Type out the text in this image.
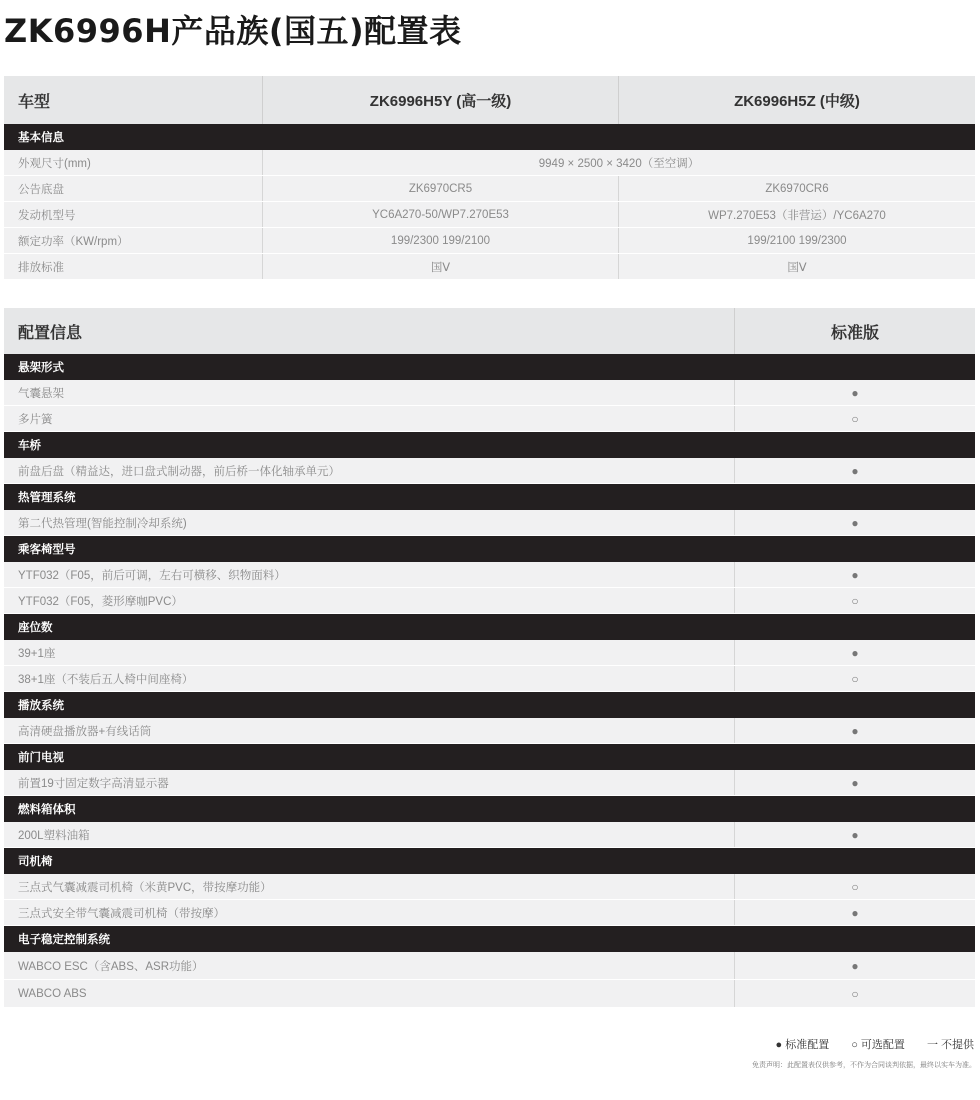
ZK6996H产品族(国五)配置表
车型	ZK6996H5Y (高一级)	ZK6996H5Z (中级)
基本信息
外观尺寸(mm)	9949 × 2500 × 3420（至空调）
公告底盘	ZK6970CR5	ZK6970CR6
发动机型号	YC6A270-50/WP7.270E53	WP7.270E53（非营运）/YC6A270
额定功率（KW/rpm）	199/2300 199/2100	199/2100 199/2300
排放标准	国Ⅴ	国Ⅴ
配置信息	标准版
悬架形式
气囊悬架	●
多片簧	○
车桥
前盘后盘（精益达，进口盘式制动器，前后桥一体化轴承单元）	●
热管理系统
第二代热管理(智能控制冷却系统)	●
乘客椅型号
YTF032（F05，前后可调，左右可横移、织物面料）	●
YTF032（F05，菱形摩咖PVC）	○
座位数
39+1座	●
38+1座（不装后五人椅中间座椅）	○
播放系统
高清硬盘播放器+有线话筒	●
前门电视
前置19寸固定数字高清显示器	●
燃料箱体积
200L塑料油箱	●
司机椅
三点式气囊减震司机椅（米黄PVC，带按摩功能）	○
三点式安全带气囊减震司机椅（带按摩）	●
电子稳定控制系统
WABCO ESC（含ABS、ASR功能）	●
WABCO ABS	○
● 标准配置 ○ 可选配置 一 不提供
免责声明：此配置表仅供参考，不作为合同谈判依据，最终以实车为准。
